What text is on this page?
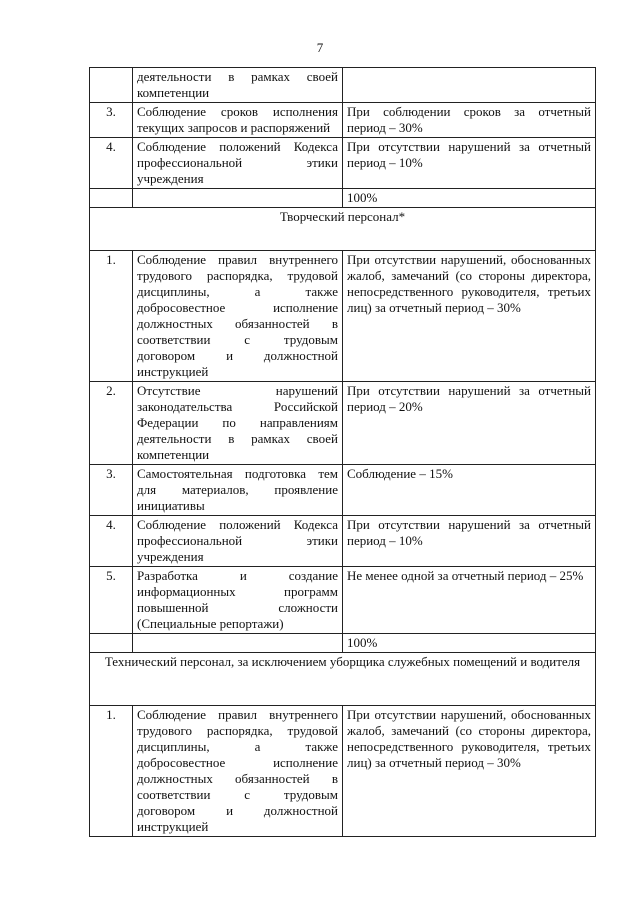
7
	деятельности в рамках своей компетенции	
3.	Соблюдение сроков исполнения текущих запросов и распоряжений	При соблюдении сроков за отчетный период – 30%
4.	Соблюдение положений Кодекса профессиональной этики учреждения	При отсутствии нарушений за отчетный период – 10%
		100%
Творческий персонал*		
1.	Соблюдение правил внутреннего трудового распорядка, трудовой дисциплины, а также добросовестное исполнение должностных обязанностей в соответствии с трудовым договором и должностной инструкцией	При отсутствии нарушений, обоснованных жалоб, замечаний (со стороны директора, непосредственного руководителя, третьих лиц) за отчетный период – 30%
2.	Отсутствие нарушений законодательства Российской Федерации по направлениям деятельности в рамках своей компетенции	При отсутствии нарушений за отчетный период – 20%
3.	Самостоятельная подготовка тем для материалов, проявление инициативы	Соблюдение – 15%
4.	Соблюдение положений Кодекса профессиональной этики учреждения	При отсутствии нарушений за отчетный период – 10%
5.	Разработка и создание информационных программ повышенной сложности (Специальные репортажи)	Не менее одной за отчетный период – 25%
		100%
Технический персонал, за исключением уборщика служебных помещений и водителя		
1.	Соблюдение правил внутреннего трудового распорядка, трудовой дисциплины, а также добросовестное исполнение должностных обязанностей в соответствии с трудовым договором и должностной инструкцией	При отсутствии нарушений, обоснованных жалоб, замечаний (со стороны директора, непосредственного руководителя, третьих лиц) за отчетный период – 30%
